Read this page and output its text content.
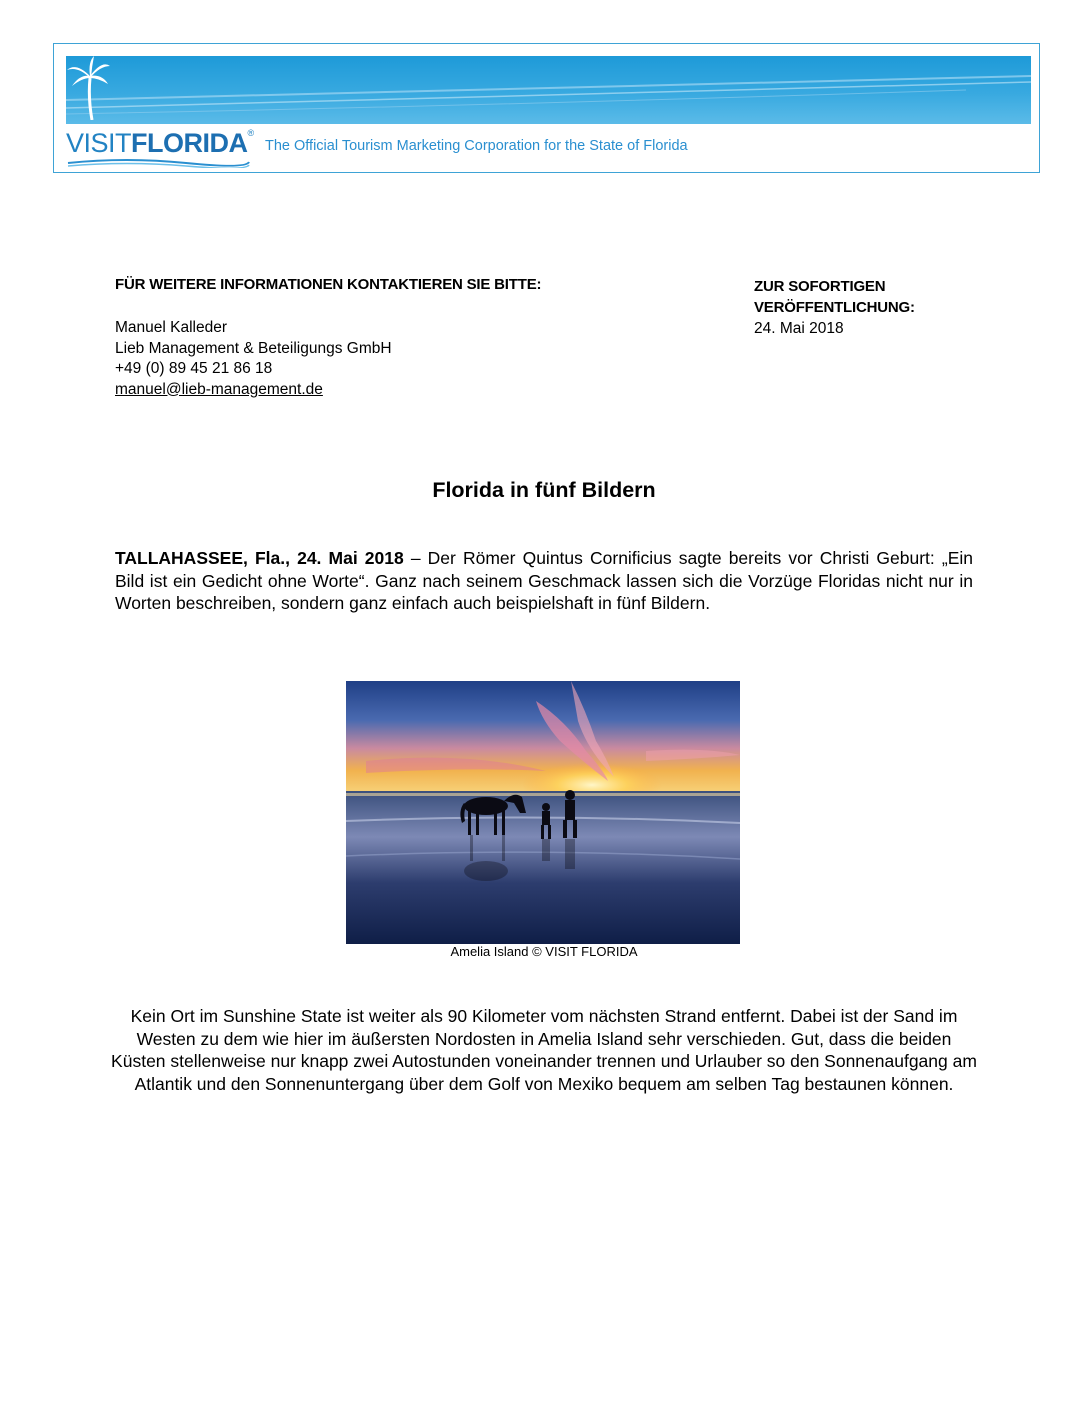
VISITFLORIDA®
The Official Tourism Marketing Corporation for the State of Florida
FÜR WEITERE INFORMATIONEN KONTAKTIEREN SIE BITTE:
Manuel Kalleder
Lieb Management & Beteiligungs GmbH
+49 (0) 89 45 21 86 18
manuel@lieb-management.de
ZUR SOFORTIGEN
VERÖFFENTLICHUNG:
24. Mai 2018
Florida in fünf Bildern
TALLAHASSEE, Fla., 24. Mai 2018 – Der Römer Quintus Cornificius sagte bereits vor Christi Geburt: „Ein Bild ist ein Gedicht ohne Worte“. Ganz nach seinem Geschmack lassen sich die Vorzüge Floridas nicht nur in Worten beschreiben, sondern ganz einfach auch beispielshaft in fünf Bildern.
Amelia Island © VISIT FLORIDA
Kein Ort im Sunshine State ist weiter als 90 Kilometer vom nächsten Strand entfernt. Dabei ist der Sand im Westen zu dem wie hier im äußersten Nordosten in Amelia Island sehr verschieden. Gut, dass die beiden Küsten stellenweise nur knapp zwei Autostunden voneinander trennen und Urlauber so den Sonnenaufgang am Atlantik und den Sonnenuntergang über dem Golf von Mexiko bequem am selben Tag bestaunen können.
